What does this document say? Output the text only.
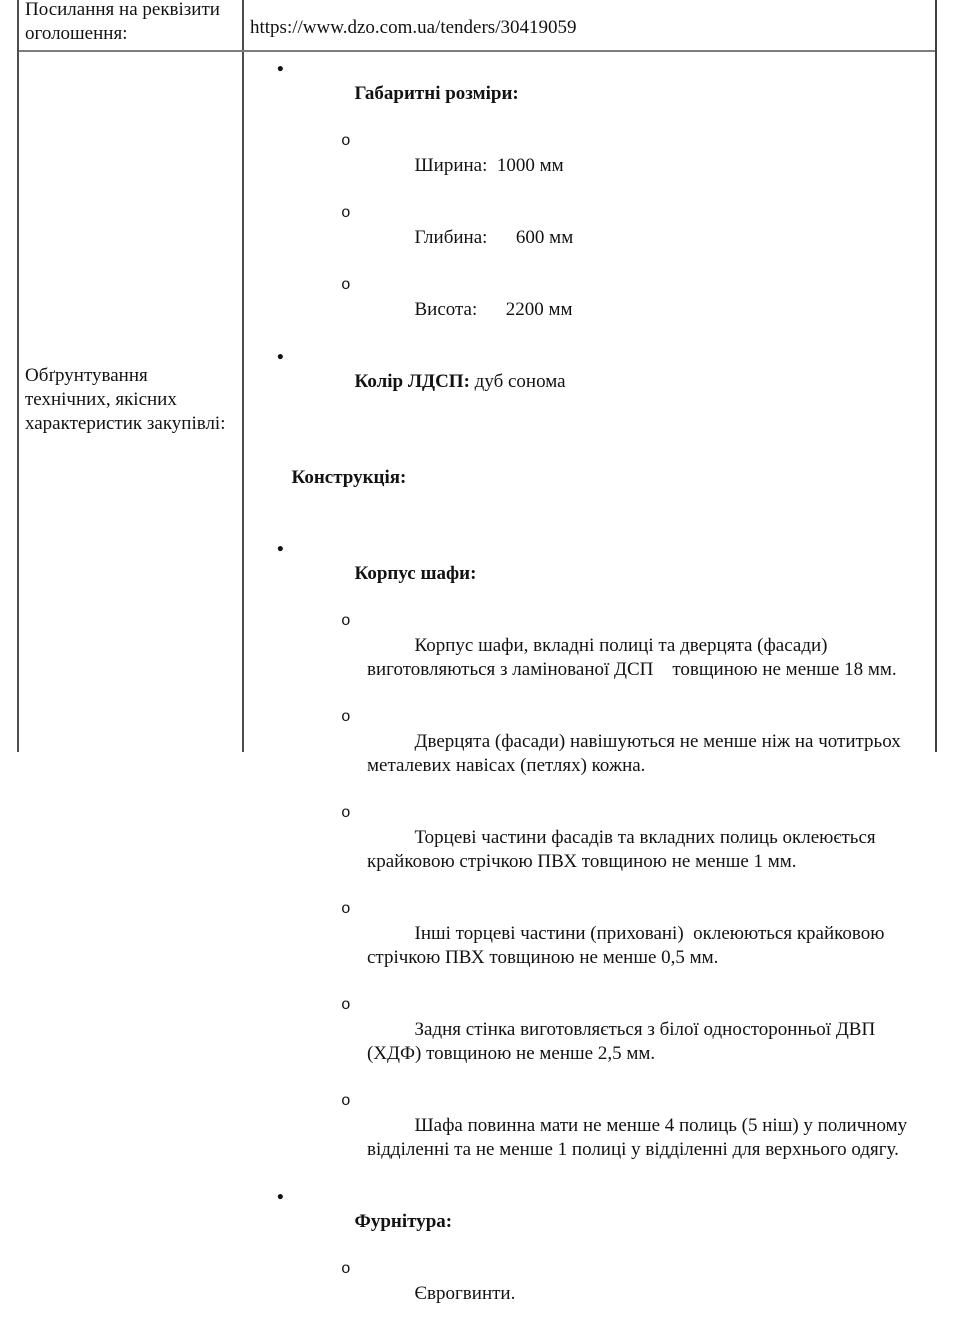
Посилання на реквізити оголошення:	https://www.dzo.com.ua/tenders/30419059
Обґрунтування технічних, якісних характеристик закупівлі:

•
Габаритні розміри:

o
Ширина:  1000 мм

o
Глибина:      600 мм

o
Висота:      2200 мм

•
Колір ЛДСП: дуб сонома

Конструкція:

•
Корпус шафи:

o
Корпус шафи, вкладні полиці та дверцята (фасади) виготовляються з ламінованої ДСП    товщиною не менше 18 мм.

o
Дверцята (фасади) навішуються не менше ніж на чотитрьох металевих навісах (петлях) кожна.

o
Торцеві частини фасадів та вкладних полиць оклеюється крайковою стрічкою ПВХ товщиною не менше 1 мм.

o
Інші торцеві частини (приховані)  оклеюються крайковою стрічкою ПВХ товщиною не менше 0,5 мм.

o
Задня стінка виготовляється з білої односторонньої ДВП (ХДФ) товщиною не менше 2,5 мм.

o
Шафа повинна мати не менше 4 полиць (5 ніш) у поличному відділенні та не менше 1 полиці у відділенні для верхнього одягу.

•
Фурнітура:

o
Єврогвинти.
